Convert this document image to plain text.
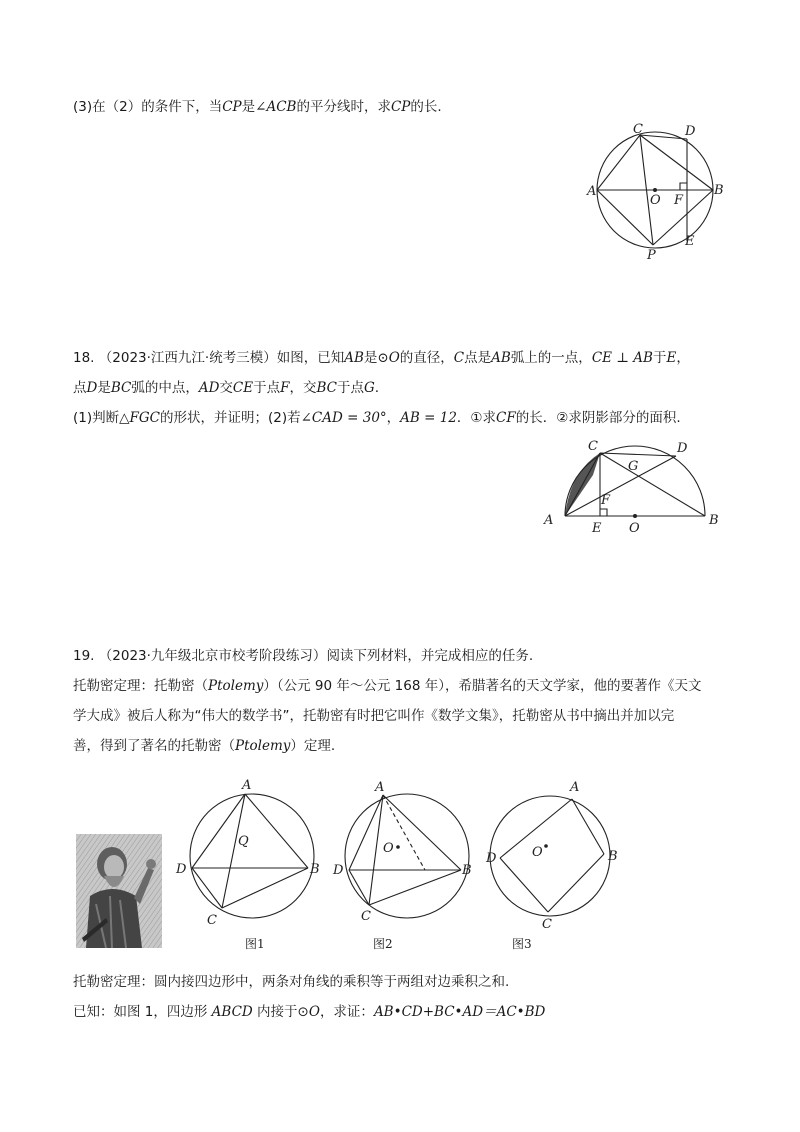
(3)在（2）的条件下，当CP是∠ACB的平分线时，求CP的长.
C	D
A
O F
B
P
E
18. （2023·江西九江·统考三模）如图，已知AB是⊙O的直径，C点是AB弧上的一点，CE ⊥ AB于E，
点D是BC弧的中点，AD交CE于点F，交BC于点G.
(1)判断△FGC的形状，并证明；(2)若∠CAD = 30°，AB = 12．①求CF的长．②求阴影部分的面积.
C	D
G
F
A
E O
B
19. （2023·九年级北京市校考阶段练习）阅读下列材料，并完成相应的任务.
托勒密定理：托勒密（Ptolemy）（公元 90 年～公元 168 年），希腊著名的天文学家，他的要著作《天文
学大成》被后人称为“伟大的数学书”，托勒密有时把它叫作《数学文集》，托勒密从书中摘出并加以完
善，得到了著名的托勒密（Ptolemy）定理.
A
Q
D	B
C
图1
A
O
D	B
C
图2
A
O
D	B
C
图3
托勒密定理：圆内接四边形中，两条对角线的乘积等于两组对边乘积之和.
已知：如图 1，四边形 ABCD 内接于⊙O，求证：AB•CD+BC•AD＝AC•BD
